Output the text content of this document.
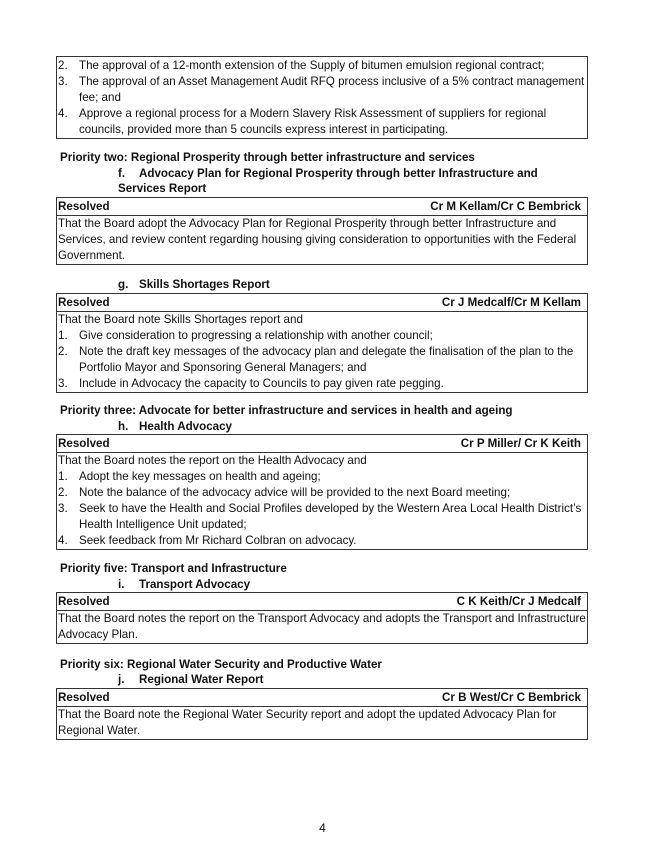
2. The approval of a 12-month extension of the Supply of bitumen emulsion regional contract;
3. The approval of an Asset Management Audit RFQ process inclusive of a 5% contract management fee; and
4. Approve a regional process for a Modern Slavery Risk Assessment of suppliers for regional councils, provided more than 5 councils express interest in participating.
Priority two: Regional Prosperity through better infrastructure and services
f. Advocacy Plan for Regional Prosperity through better Infrastructure and Services Report
Resolved	Cr M Kellam/Cr C Bembrick
That the Board adopt the Advocacy Plan for Regional Prosperity through better Infrastructure and Services, and review content regarding housing giving consideration to opportunities with the Federal Government.
g. Skills Shortages Report
Resolved	Cr J Medcalf/Cr M Kellam
That the Board note Skills Shortages report and
1. Give consideration to progressing a relationship with another council;
2. Note the draft key messages of the advocacy plan and delegate the finalisation of the plan to the Portfolio Mayor and Sponsoring General Managers; and
3. Include in Advocacy the capacity to Councils to pay given rate pegging.
Priority three: Advocate for better infrastructure and services in health and ageing
h. Health Advocacy
Resolved	Cr P Miller/ Cr K Keith
That the Board notes the report on the Health Advocacy and
1. Adopt the key messages on health and ageing;
2. Note the balance of the advocacy advice will be provided to the next Board meeting;
3. Seek to have the Health and Social Profiles developed by the Western Area Local Health District’s Health Intelligence Unit updated;
4. Seek feedback from Mr Richard Colbran on advocacy.
Priority five: Transport and Infrastructure
i. Transport Advocacy
Resolved	C K Keith/Cr J Medcalf
That the Board notes the report on the Transport Advocacy and adopts the Transport and Infrastructure Advocacy Plan.
Priority six: Regional Water Security and Productive Water
j. Regional Water Report
Resolved	Cr B West/Cr C Bembrick
That the Board note the Regional Water Security report and adopt the updated Advocacy Plan for Regional Water.
4
